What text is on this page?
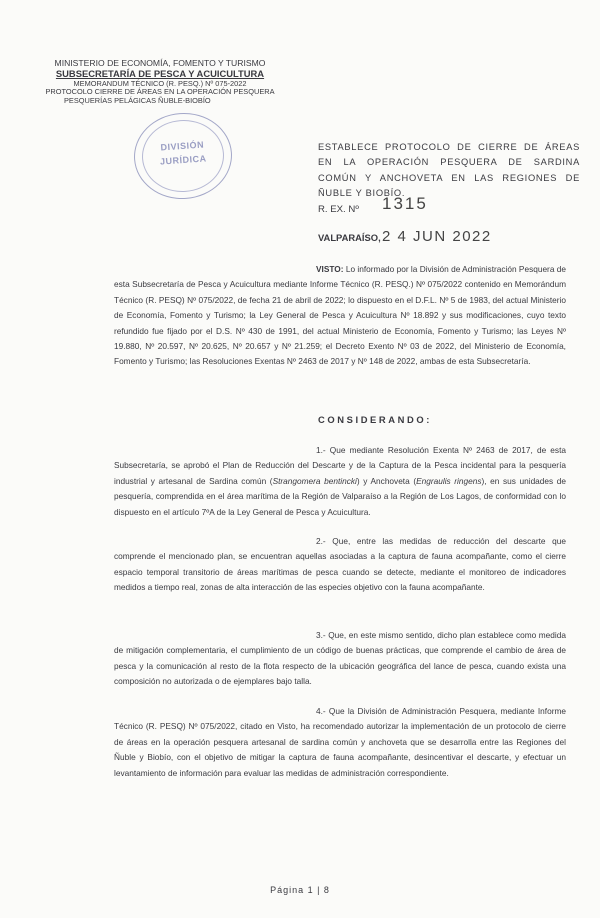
MINISTERIO DE ECONOMÍA, FOMENTO Y TURISMO
SUBSECRETARÍA DE PESCA Y ACUICULTURA
MEMORANDUM TÉCNICO (R. PESQ.) Nº 075-2022
PROTOCOLO CIERRE DE ÁREAS EN LA OPERACIÓN PESQUERA
PESQUERÍAS PELÁGICAS ÑUBLE-BIOBÍO
DIVISIÓN
JURÍDICA
ESTABLECE PROTOCOLO DE CIERRE DE ÁREAS EN LA OPERACIÓN PESQUERA DE SARDINA COMÚN Y ANCHOVETA EN LAS REGIONES DE ÑUBLE Y BIOBÍO.
R. EX. Nº 1315
VALPARAÍSO, 2 4 JUN 2022
VISTO: Lo informado por la División de Administración Pesquera de esta Subsecretaría de Pesca y Acuicultura mediante Informe Técnico (R. PESQ.) Nº 075/2022 contenido en Memorándum Técnico (R. PESQ) Nº 075/2022, de fecha 21 de abril de 2022; lo dispuesto en el D.F.L. Nº 5 de 1983, del actual Ministerio de Economía, Fomento y Turismo; la Ley General de Pesca y Acuicultura Nº 18.892 y sus modificaciones, cuyo texto refundido fue fijado por el D.S. Nº 430 de 1991, del actual Ministerio de Economía, Fomento y Turismo; las Leyes Nº 19.880, Nº 20.597, Nº 20.625, Nº 20.657 y Nº 21.259; el Decreto Exento Nº 03 de 2022, del Ministerio de Economía, Fomento y Turismo; las Resoluciones Exentas Nº 2463 de 2017 y Nº 148 de 2022, ambas de esta Subsecretaría.
CONSIDERANDO:
1.- Que mediante Resolución Exenta Nº 2463 de 2017, de esta Subsecretaría, se aprobó el Plan de Reducción del Descarte y de la Captura de la Pesca incidental para la pesquería industrial y artesanal de Sardina común (Strangomera bentincki) y Anchoveta (Engraulis ringens), en sus unidades de pesquería, comprendida en el área marítima de la Región de Valparaíso a la Región de Los Lagos, de conformidad con lo dispuesto en el artículo 7ºA de la Ley General de Pesca y Acuicultura.
2.- Que, entre las medidas de reducción del descarte que comprende el mencionado plan, se encuentran aquellas asociadas a la captura de fauna acompañante, como el cierre espacio temporal transitorio de áreas marítimas de pesca cuando se detecte, mediante el monitoreo de indicadores medidos a tiempo real, zonas de alta interacción de las especies objetivo con la fauna acompañante.
3.- Que, en este mismo sentido, dicho plan establece como medida de mitigación complementaria, el cumplimiento de un código de buenas prácticas, que comprende el cambio de área de pesca y la comunicación al resto de la flota respecto de la ubicación geográfica del lance de pesca, cuando exista una composición no autorizada o de ejemplares bajo talla.
4.- Que la División de Administración Pesquera, mediante Informe Técnico (R. PESQ) Nº 075/2022, citado en Visto, ha recomendado autorizar la implementación de un protocolo de cierre de áreas en la operación pesquera artesanal de sardina común y anchoveta que se desarrolla entre las Regiones del Ñuble y Biobío, con el objetivo de mitigar la captura de fauna acompañante, desincentivar el descarte, y efectuar un levantamiento de información para evaluar las medidas de administración correspondiente.
Página 1 | 8
